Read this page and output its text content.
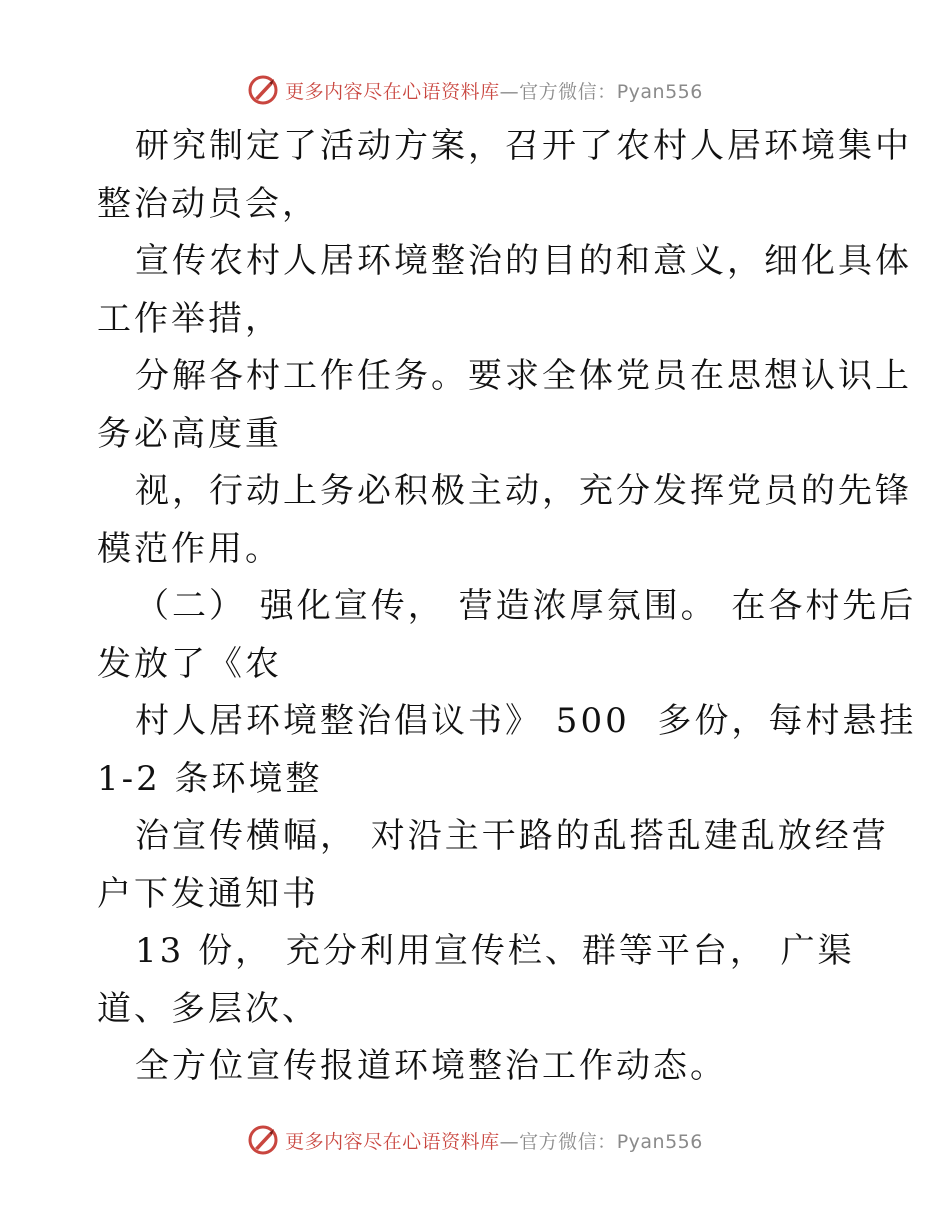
更多内容尽在心语资料库—官方微信：Pyan556
研究制定了活动方案，召开了农村人居环境集中
整治动员会，
宣传农村人居环境整治的目的和意义，细化具体
工作举措，
分解各村工作任务。要求全体党员在思想认识上
务必高度重
视，行动上务必积极主动，充分发挥党员的先锋
模范作用。
（二） 强化宣传， 营造浓厚氛围。 在各村先后
发放了《农
村人居环境整治倡议书》 500  多份，每村悬挂
1-2 条环境整
治宣传横幅， 对沿主干路的乱搭乱建乱放经营
户下发通知书
13 份， 充分利用宣传栏、群等平台， 广渠
道、多层次、
全方位宣传报道环境整治工作动态。
更多内容尽在心语资料库—官方微信：Pyan556
